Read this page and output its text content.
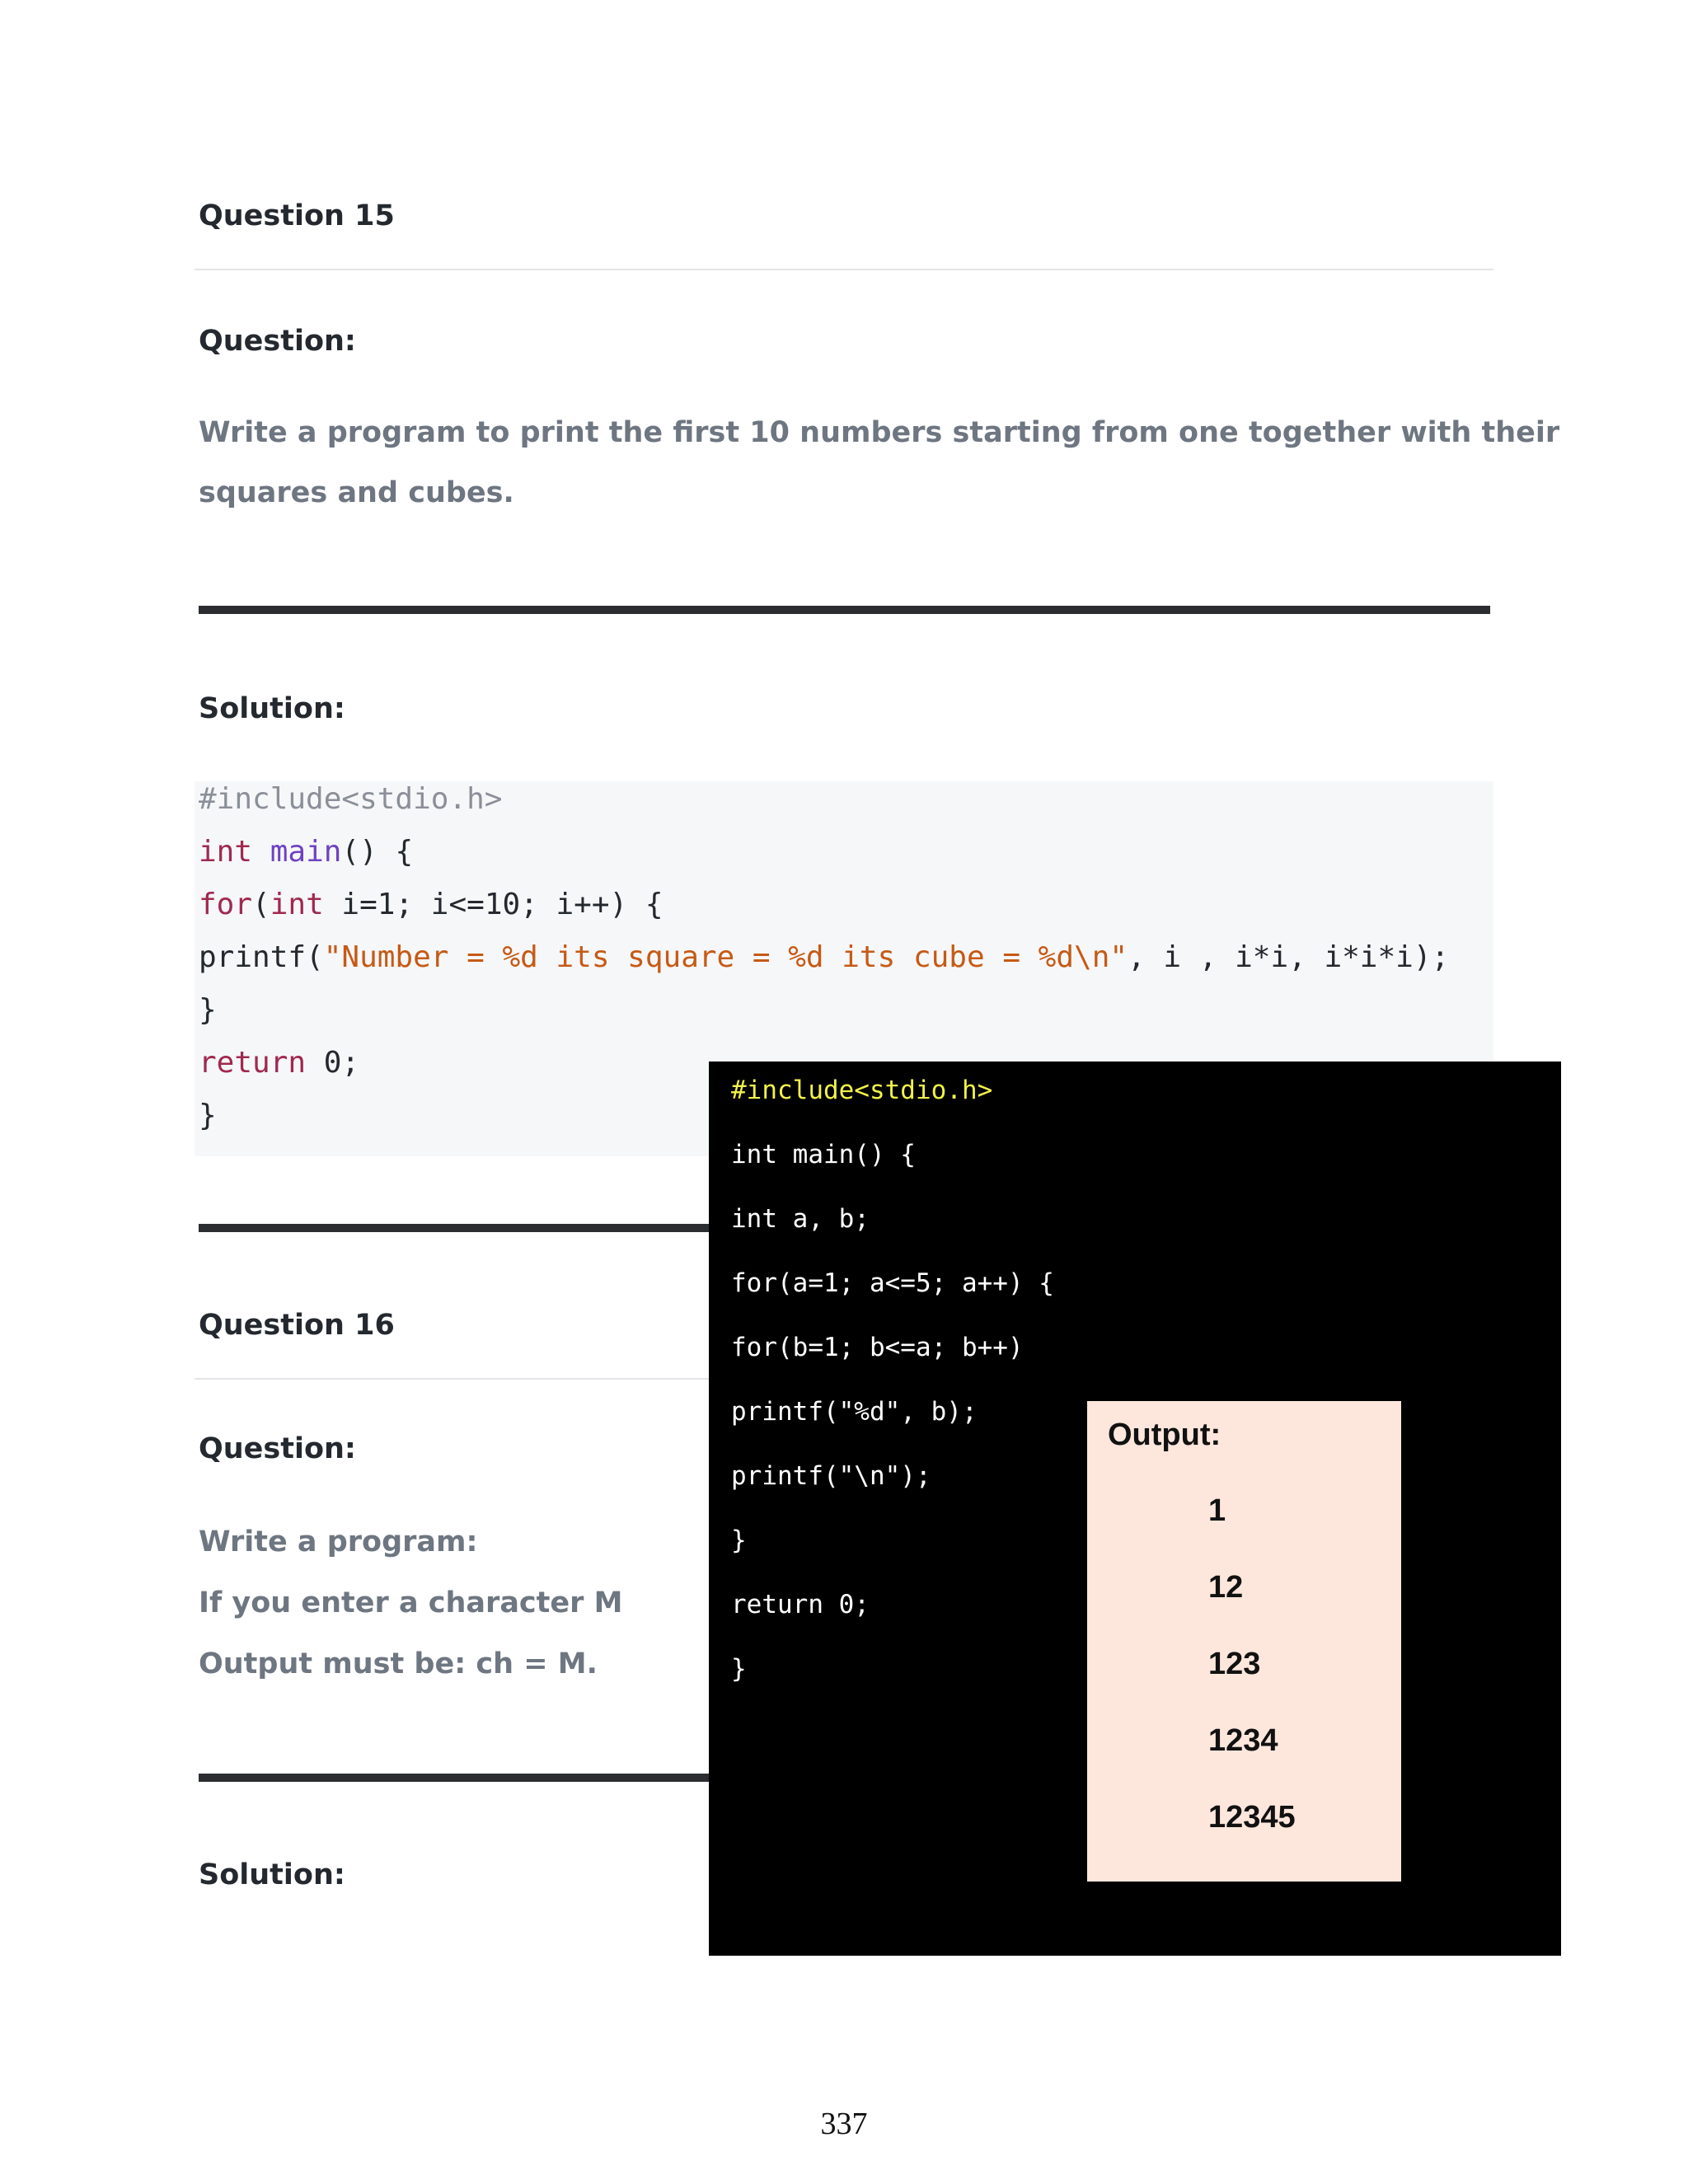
Question 15
Question:
Write a program to print the first 10 numbers starting from one together with their
squares and cubes.
Solution:
#include<stdio.h>
int main() {
for(int i=1; i<=10; i++) {
printf("Number = %d its square = %d its cube = %d\n", i , i*i, i*i*i);
}
return 0;
}
Question 16
Question:
Write a program:
If you enter a character M
Output must be: ch = M.
Solution:
#include<stdio.h>
int main() {
int a, b;
for(a=1; a<=5; a++) {
for(b=1; b<=a; b++)
printf("%d", b);
printf("\n");
}
return 0;
}
Output:
1
12
123
1234
12345
337
